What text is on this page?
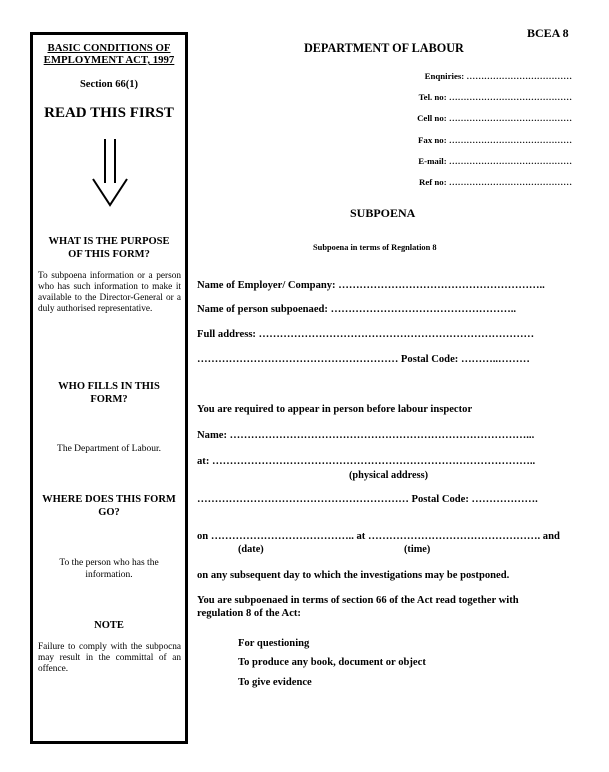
BCEA 8
BASIC CONDITIONS OF
EMPLOYMENT ACT, 1997
Section 66(1)
READ THIS FIRST
WHAT IS THE PURPOSE
OF THIS FORM?
To subpoena information or a person who has such information to make it available to the Director-General or a duly authorised representative.
WHO FILLS IN THIS
FORM?
The Department of Labour.
WHERE DOES THIS FORM
GO?
To the person who has the
information.
NOTE
Failure to comply with the subpocna may result in the committal of an offence.
DEPARTMENT OF LABOUR
Enqniries: ………………………………
Tel. no: ……………………………………
Cell no: ……………………………………
Fax no: ……………………………………
E-mail: ……………………………………
Ref no: ……………………………………
SUBPOENA
Subpoena in terms of Regnlation 8
Name of Employer/ Company: …………………………………………………..
Name of person subpoenaed: ……………………………………………..
Full address: ……………………………………………………………………
………………………………………………… Postal Code: ………..………
You are required to appear in person before labour inspector
Name: …………………………………………………………………………...
at: ………………………………………………………………………………..
(physical address)
…………………………………………………… Postal Code: ……………….
on ………………………………….. at …………………………………………. and
(date)	(time)
on any subsequent day to which the investigations may be postponed.
You are subpoenaed in terms of section 66 of the Act read together with
regulation 8 of the Act:
For questioning
To produce any book, document or object
To give evidence
